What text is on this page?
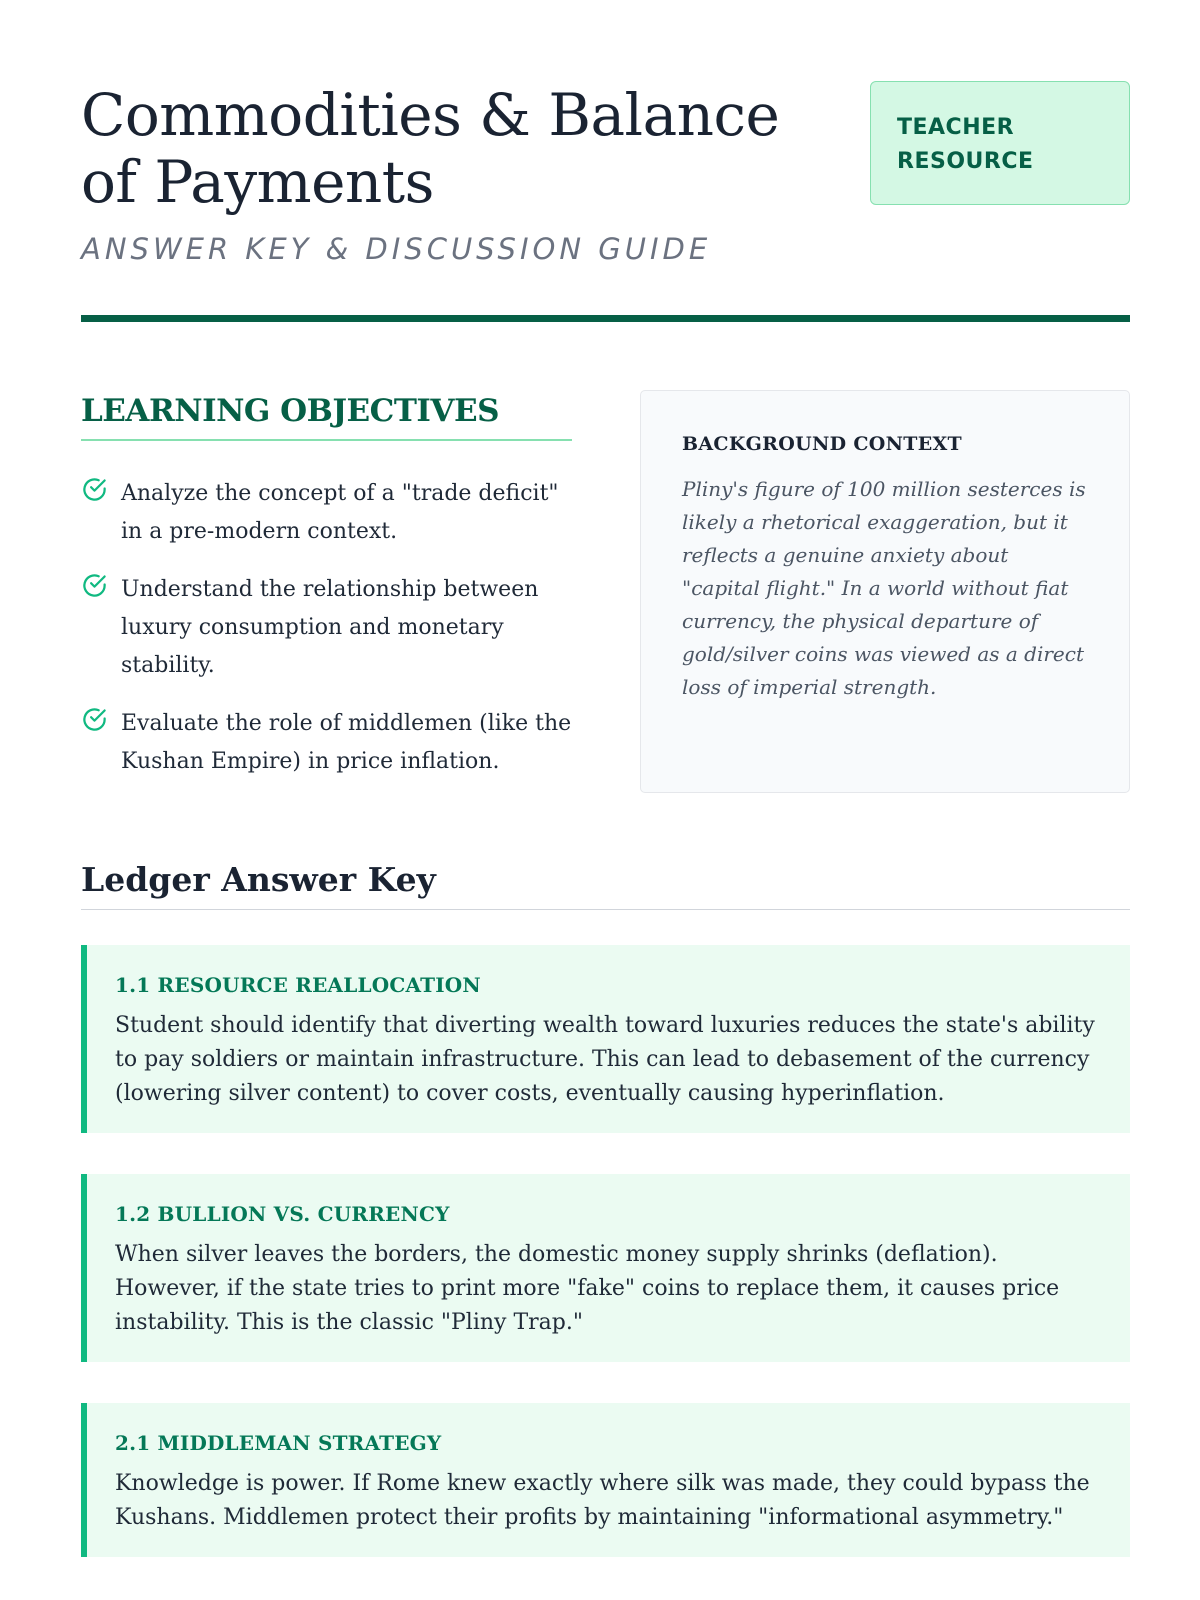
Commodities & Balance of Payments

ANSWER KEY & DISCUSSION GUIDE

TEACHER
RESOURCE
LEARNING OBJECTIVES
Analyze the concept of a "trade deficit" in a pre-modern context.
Understand the relationship between luxury consumption and monetary stability.
Evaluate the role of middlemen (like the Kushan Empire) in price inflation.

BACKGROUND CONTEXT

Pliny's figure of 100 million sesterces is likely a rhetorical exaggeration, but it reflects a genuine anxiety about "capital flight." In a world without fiat currency, the physical departure of gold/silver coins was viewed as a direct loss of imperial strength.

Ledger Answer Key

1.1 RESOURCE REALLOCATION

Student should identify that diverting wealth toward luxuries reduces the state's ability to pay soldiers or maintain infrastructure. This can lead to debasement of the currency (lowering silver content) to cover costs, eventually causing hyperinflation.

1.2 BULLION VS. CURRENCY

When silver leaves the borders, the domestic money supply shrinks (deflation). However, if the state tries to print more "fake" coins to replace them, it causes price instability. This is the classic "Pliny Trap."

2.1 MIDDLEMAN STRATEGY

Knowledge is power. If Rome knew exactly where silk was made, they could bypass the Kushans. Middlemen protect their profits by maintaining "informational asymmetry."
